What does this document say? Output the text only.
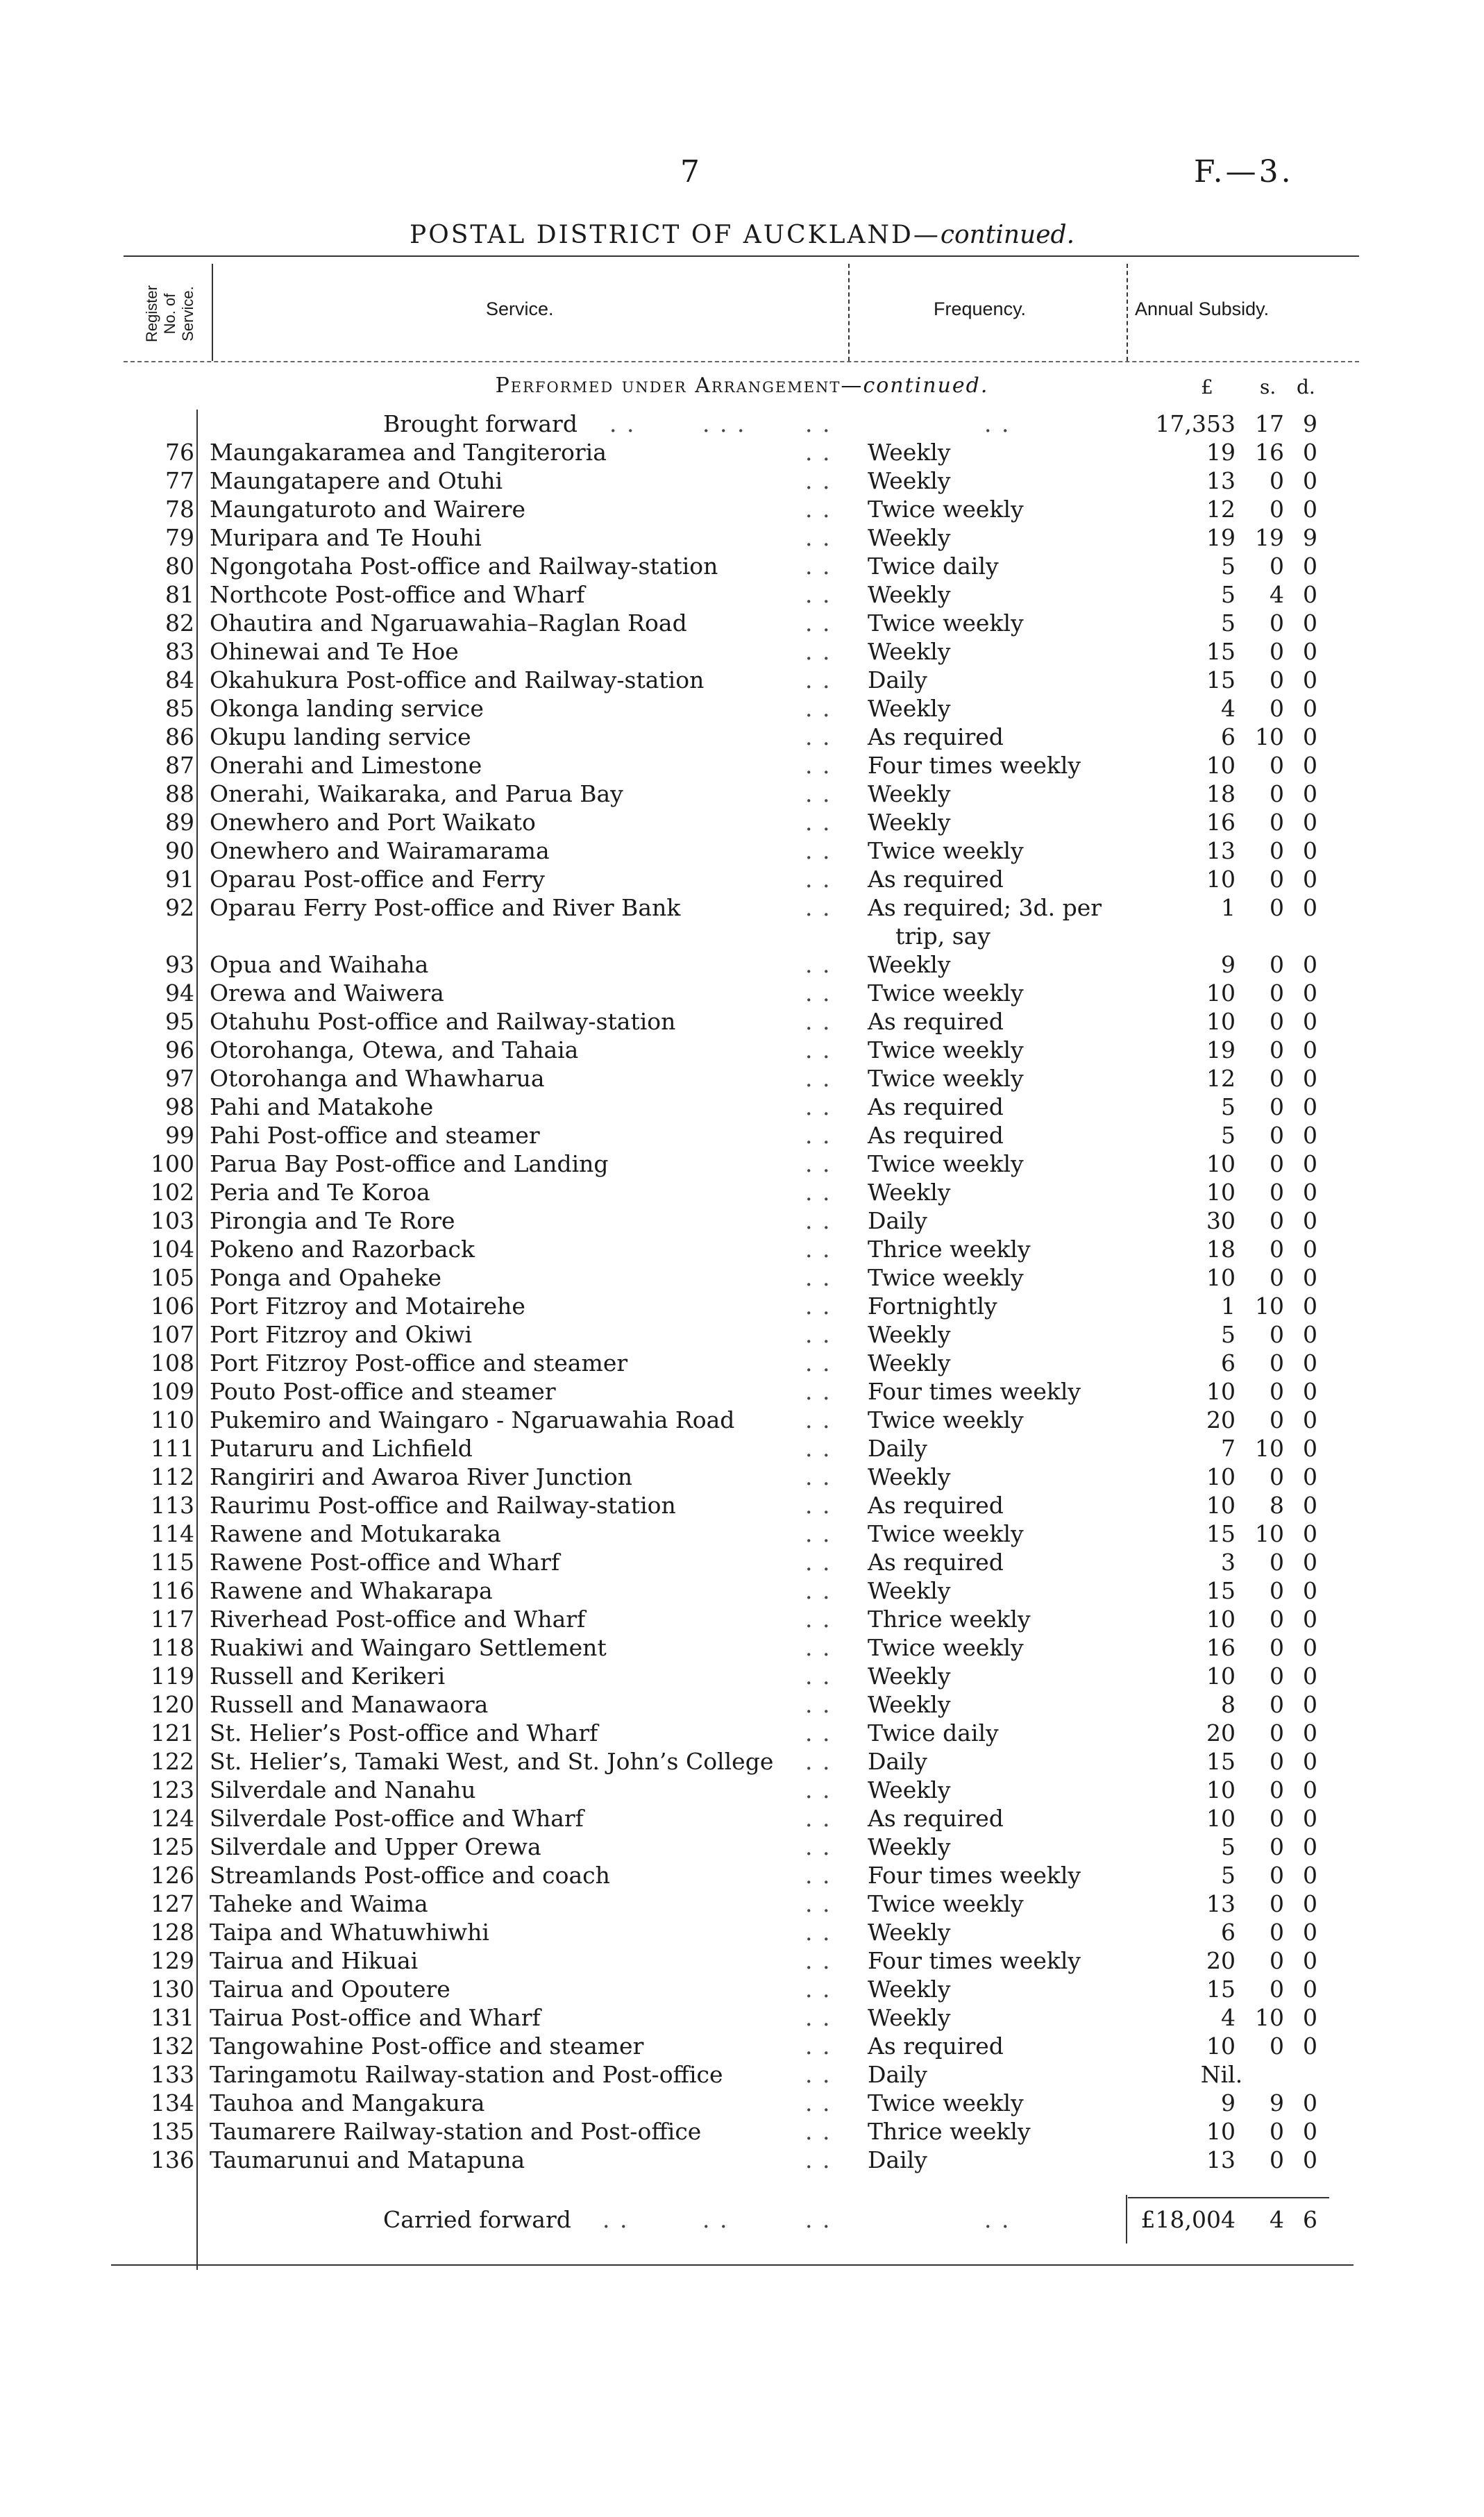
7	F.—3.
POSTAL DISTRICT OF AUCKLAND—continued.
Register
No. of
Service.	Service.	Frequency.	Annual Subsidy.
Performed under Arrangement—continued.	£ s. d.
Brought forward . .	. . .	. .	. .	17,353 17 9
76 Maungakaramea and Tangiteroria	. . Weekly	19 16 0
77 Maungatapere and Otuhi	. . Weekly	13	0 0
78 Maungaturoto and Wairere	. . Twice weekly	12	0 0
79 Muripara and Te Houhi	. . Weekly	19 19 9
80 Ngongotaha Post-office and Railway-station	. . Twice daily	5	0 0
81 Northcote Post-office and Wharf	. . Weekly	5	4 0
82 Ohautira and Ngaruawahia–Raglan Road	. . Twice weekly	5	0 0
83 Ohinewai and Te Hoe	. . Weekly	15	0 0
84 Okahukura Post-office and Railway-station	. . Daily	15	0 0
85 Okonga landing service	. . Weekly	4	0 0
86 Okupu landing service	. . As required	6 10 0
87 Onerahi and Limestone	. . Four times weekly	10	0 0
88 Onerahi, Waikaraka, and Parua Bay	. . Weekly	18	0 0
89 Onewhero and Port Waikato	. . Weekly	16	0 0
90 Onewhero and Wairamarama	. . Twice weekly	13	0 0
91 Oparau Post-office and Ferry	. . As required	10	0 0
92 Oparau Ferry Post-office and River Bank	. . As required; 3d. per	1	0 0
trip, say
93 Opua and Waihaha	. . Weekly	9	0 0
94 Orewa and Waiwera	. . Twice weekly	10	0 0
95 Otahuhu Post-office and Railway-station	. . As required	10	0 0
96 Otorohanga, Otewa, and Tahaia	. . Twice weekly	19	0 0
97 Otorohanga and Whawharua	. . Twice weekly	12	0 0
98 Pahi and Matakohe	. . As required	5	0 0
99 Pahi Post-office and steamer	. . As required	5	0 0
100 Parua Bay Post-office and Landing	. . Twice weekly	10	0 0
102 Peria and Te Koroa	. . Weekly	10	0 0
103 Pirongia and Te Rore	. . Daily	30	0 0
104 Pokeno and Razorback	. . Thrice weekly	18	0 0
105 Ponga and Opaheke	. . Twice weekly	10	0 0
106 Port Fitzroy and Motairehe	. . Fortnightly	1 10 0
107 Port Fitzroy and Okiwi	. . Weekly	5	0 0
108 Port Fitzroy Post-office and steamer	. . Weekly	6	0 0
109 Pouto Post-office and steamer	. . Four times weekly	10	0 0
110 Pukemiro and Waingaro - Ngaruawahia Road	. . Twice weekly	20	0 0
111 Putaruru and Lichfield	. . Daily	7 10 0
112 Rangiriri and Awaroa River Junction	. . Weekly	10	0 0
113 Raurimu Post-office and Railway-station	. . As required	10	8 0
114 Rawene and Motukaraka	. . Twice weekly	15 10 0
115 Rawene Post-office and Wharf	. . As required	3	0 0
116 Rawene and Whakarapa	. . Weekly	15	0 0
117 Riverhead Post-office and Wharf	. . Thrice weekly	10	0 0
118 Ruakiwi and Waingaro Settlement	. . Twice weekly	16	0 0
119 Russell and Kerikeri	. . Weekly	10	0 0
120 Russell and Manawaora	. . Weekly	8	0 0
121 St. Helier’s Post-office and Wharf	. . Twice daily	20	0 0
122 St. Helier’s, Tamaki West, and St. John’s College . . Daily	15	0 0
123 Silverdale and Nanahu	. . Weekly	10	0 0
124 Silverdale Post-office and Wharf	. . As required	10	0 0
125 Silverdale and Upper Orewa	. . Weekly	5	0 0
126 Streamlands Post-office and coach	. . Four times weekly	5	0 0
127 Taheke and Waima	. . Twice weekly	13	0 0
128 Taipa and Whatuwhiwhi	. . Weekly	6	0 0
129 Tairua and Hikuai	. . Four times weekly	20	0 0
130 Tairua and Opoutere	. . Weekly	15	0 0
131 Tairua Post-office and Wharf	. . Weekly	4 10 0
132 Tangowahine Post-office and steamer	. . As required	10	0 0
133 Taringamotu Railway-station and Post-office	. . Daily	Nil.
134 Tauhoa and Mangakura	. . Twice weekly	9	9 0
135 Taumarere Railway-station and Post-office	. . Thrice weekly	10	0 0
136 Taumarunui and Matapuna	. . Daily	13	0 0
Carried forward . .	. .	. .	. .	£18,004	4 6
